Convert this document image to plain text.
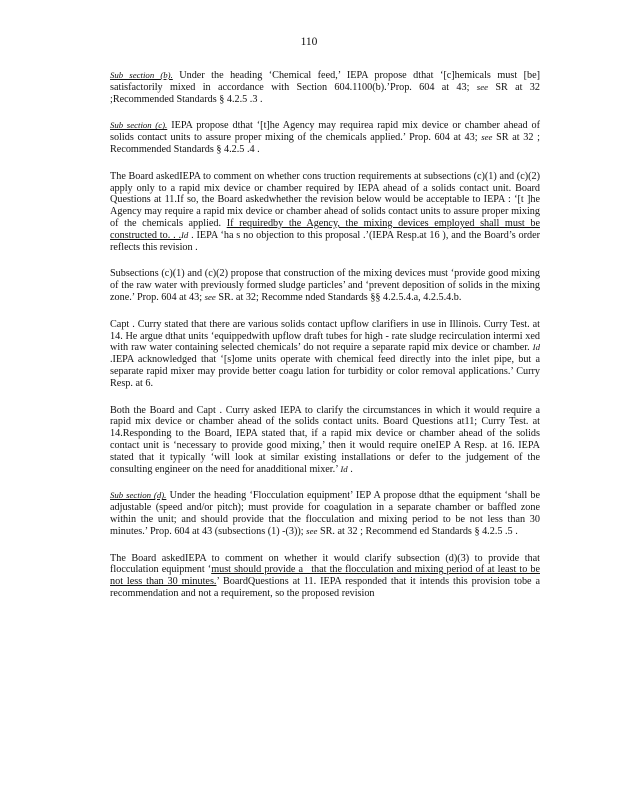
110

Sub section (b). Under the heading ‘Chemical feed,’ IEPA propose dthat ‘[c]hemicals must [be] satisfactorily mixed in accordance with Section 604.1100(b).’Prop. 604 at 43; see SR at 32 ;Recommended Standards § 4.2.5 .3 .

Sub section (c). IEPA propose dthat ‘[t]he Agency may requirea rapid mix device or chamber ahead of solids contact units to assure proper mixing of the chemicals applied.’ Prop. 604 at 43; see SR at 32 ; Recommended Standards § 4.2.5 .4 .

The Board askedIEPA to comment on whether cons truction requirements at subsections (c)(1) and (c)(2) apply only to a rapid mix device or chamber required by IEPA ahead of a solids contact unit. Board Questions at 11.If so, the Board askedwhether the revision below would be acceptable to IEPA : ‘[t ]he Agency may require a rapid mix device or chamber ahead of solids contact units to assure proper mixing of the chemicals applied. If requiredby the Agency, the mixing devices employed shall must be constructed to. . .Id . IEPA ‘ha s no objection to this proposal .’(IEPA Resp.at 16 ), and the Board’s order reflects this revision .

Subsections (c)(1) and (c)(2) propose that construction of the mixing devices must ‘provide good mixing of the raw water with previously formed sludge particles’ and ‘prevent deposition of solids in the mixing zone.’ Prop. 604 at 43; see SR. at 32; Recomme nded Standards §§ 4.2.5.4.a, 4.2.5.4.b.

Capt . Curry stated that there are various solids contact upflow clarifiers in use in Illinois. Curry Test. at 14. He argue dthat units ‘equippedwith upflow draft tubes for high - rate sludge recirculation intermi xed with raw water containing selected chemicals’ do not require a separate rapid mix device or chamber. Id .IEPA acknowledged that ‘[s]ome units operate with chemical feed directly into the inlet pipe, but a separate rapid mixer may provide better coagu lation for turbidity or color removal applications.’ Curry Resp. at 6.

Both the Board and Capt . Curry asked IEPA to clarify the circumstances in which it would require a rapid mix device or chamber ahead of the solids contact units. Board Questions at11; Curry Test. at 14.Responding to the Board, IEPA stated that, if a rapid mix device or chamber ahead of the solids contact unit is ‘necessary to provide good mixing,’ then it would require oneIEP A Resp. at 16. IEPA stated that it typically ‘will look at similar existing installations or defer to the judgement of the consulting engineer on the need for anadditional mixer.’ Id .

Sub section (d). Under the heading ‘Flocculation equipment’ IEP A propose dthat the equipment ‘shall be adjustable (speed and/or pitch); must provide for coagulation in a separate chamber or baffled zone within the unit; and should provide that the flocculation and mixing period to be not less than 30 minutes.’ Prop. 604 at 43 (subsections (1) -(3)); see SR. at 32 ; Recommend ed Standards § 4.2.5 .5 .

The Board askedIEPA to comment on whether it would clarify subsection (d)(3) to provide that flocculation equipment ‘must should provide a _that the flocculation and mixing period of at least to be not less than 30 minutes.’ BoardQuestions at 11. IEPA responded that it intends this provision tobe a recommendation and not a requirement, so the proposed revision
